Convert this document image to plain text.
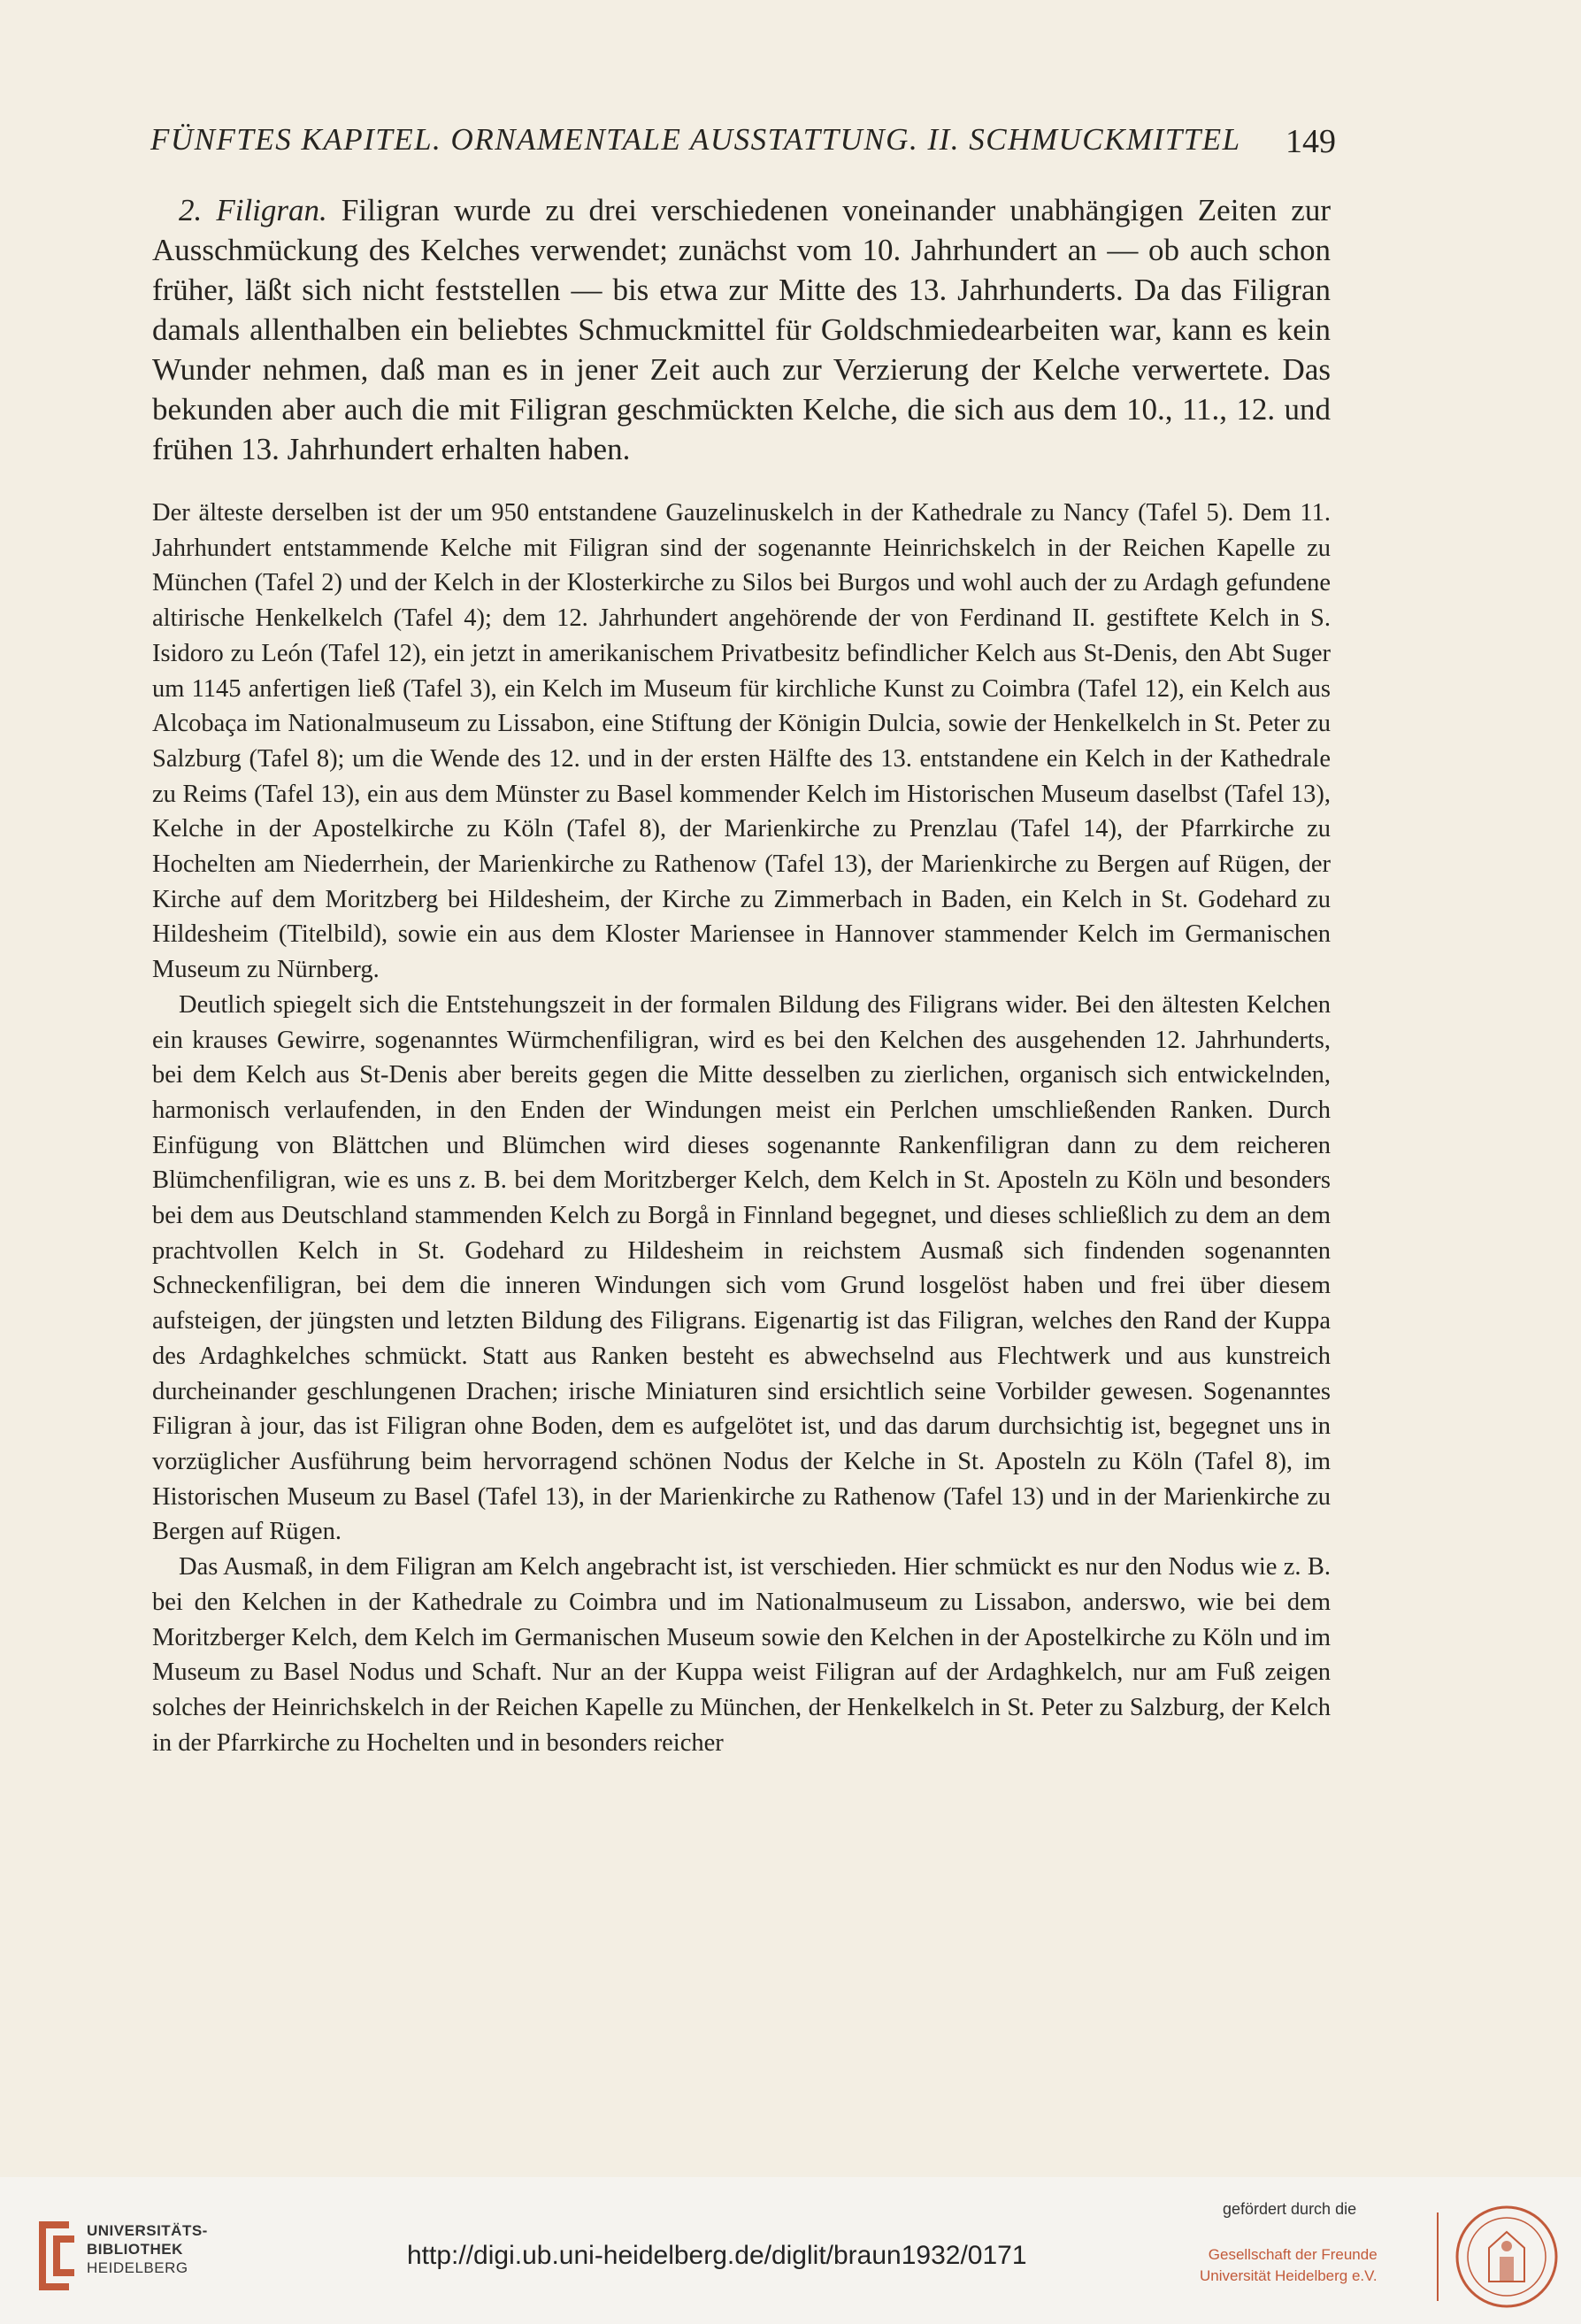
FÜNFTES KAPITEL. ORNAMENTALE AUSSTATTUNG. II. SCHMUCKMITTEL 149

2. Filigran. Filigran wurde zu drei verschiedenen voneinander unabhängigen Zeiten zur Ausschmückung des Kelches verwendet; zunächst vom 10. Jahrhundert an — ob auch schon früher, läßt sich nicht feststellen — bis etwa zur Mitte des 13. Jahrhunderts. Da das Filigran damals allenthalben ein beliebtes Schmuckmittel für Goldschmiedearbeiten war, kann es kein Wunder nehmen, daß man es in jener Zeit auch zur Verzierung der Kelche verwertete. Das bekunden aber auch die mit Filigran geschmückten Kelche, die sich aus dem 10., 11., 12. und frühen 13. Jahrhundert erhalten haben.

Der älteste derselben ist der um 950 entstandene Gauzelinuskelch in der Kathedrale zu Nancy (Tafel 5). Dem 11. Jahrhundert entstammende Kelche mit Filigran sind der sogenannte Heinrichskelch in der Reichen Kapelle zu München (Tafel 2) und der Kelch in der Klosterkirche zu Silos bei Burgos und wohl auch der zu Ardagh gefundene altirische Henkelkelch (Tafel 4); dem 12. Jahrhundert angehörende der von Ferdinand II. gestiftete Kelch in S. Isidoro zu León (Tafel 12), ein jetzt in amerikanischem Privatbesitz befindlicher Kelch aus St-Denis, den Abt Suger um 1145 anfertigen ließ (Tafel 3), ein Kelch im Museum für kirchliche Kunst zu Coimbra (Tafel 12), ein Kelch aus Alcobaça im Nationalmuseum zu Lissabon, eine Stiftung der Königin Dulcia, sowie der Henkelkelch in St. Peter zu Salzburg (Tafel 8); um die Wende des 12. und in der ersten Hälfte des 13. entstandene ein Kelch in der Kathedrale zu Reims (Tafel 13), ein aus dem Münster zu Basel kommender Kelch im Historischen Museum daselbst (Tafel 13), Kelche in der Apostelkirche zu Köln (Tafel 8), der Marienkirche zu Prenzlau (Tafel 14), der Pfarrkirche zu Hochelten am Niederrhein, der Marienkirche zu Rathenow (Tafel 13), der Marienkirche zu Bergen auf Rügen, der Kirche auf dem Moritzberg bei Hildesheim, der Kirche zu Zimmerbach in Baden, ein Kelch in St. Godehard zu Hildesheim (Titelbild), sowie ein aus dem Kloster Mariensee in Hannover stammender Kelch im Germanischen Museum zu Nürnberg.

Deutlich spiegelt sich die Entstehungszeit in der formalen Bildung des Filigrans wider. Bei den ältesten Kelchen ein krauses Gewirre, sogenanntes Würmchenfiligran, wird es bei den Kelchen des ausgehenden 12. Jahrhunderts, bei dem Kelch aus St-Denis aber bereits gegen die Mitte desselben zu zierlichen, organisch sich entwickelnden, harmonisch verlaufenden, in den Enden der Windungen meist ein Perlchen umschließenden Ranken. Durch Einfügung von Blättchen und Blümchen wird dieses sogenannte Rankenfiligran dann zu dem reicheren Blümchenfiligran, wie es uns z. B. bei dem Moritzberger Kelch, dem Kelch in St. Aposteln zu Köln und besonders bei dem aus Deutschland stammenden Kelch zu Borgå in Finnland begegnet, und dieses schließlich zu dem an dem prachtvollen Kelch in St. Godehard zu Hildesheim in reichstem Ausmaß sich findenden sogenannten Schneckenfiligran, bei dem die inneren Windungen sich vom Grund losgelöst haben und frei über diesem aufsteigen, der jüngsten und letzten Bildung des Filigrans. Eigenartig ist das Filigran, welches den Rand der Kuppa des Ardaghkelches schmückt. Statt aus Ranken besteht es abwechselnd aus Flechtwerk und aus kunstreich durcheinander geschlungenen Drachen; irische Miniaturen sind ersichtlich seine Vorbilder gewesen. Sogenanntes Filigran à jour, das ist Filigran ohne Boden, dem es aufgelötet ist, und das darum durchsichtig ist, begegnet uns in vorzüglicher Ausführung beim hervorragend schönen Nodus der Kelche in St. Aposteln zu Köln (Tafel 8), im Historischen Museum zu Basel (Tafel 13), in der Marienkirche zu Rathenow (Tafel 13) und in der Marienkirche zu Bergen auf Rügen.

Das Ausmaß, in dem Filigran am Kelch angebracht ist, ist verschieden. Hier schmückt es nur den Nodus wie z. B. bei den Kelchen in der Kathedrale zu Coimbra und im Nationalmuseum zu Lissabon, anderswo, wie bei dem Moritzberger Kelch, dem Kelch im Germanischen Museum sowie den Kelchen in der Apostelkirche zu Köln und im Museum zu Basel Nodus und Schaft. Nur an der Kuppa weist Filigran auf der Ardaghkelch, nur am Fuß zeigen solches der Heinrichskelch in der Reichen Kapelle zu München, der Henkelkelch in St. Peter zu Salzburg, der Kelch in der Pfarrkirche zu Hochelten und in besonders reicher

UNIVERSITÄTS-
BIBLIOTHEK
HEIDELBERG	http://digi.ub.uni-heidelberg.de/diglit/braun1932/0171
gefördert durch die
Gesellschaft der Freunde
Universität Heidelberg e.V.
